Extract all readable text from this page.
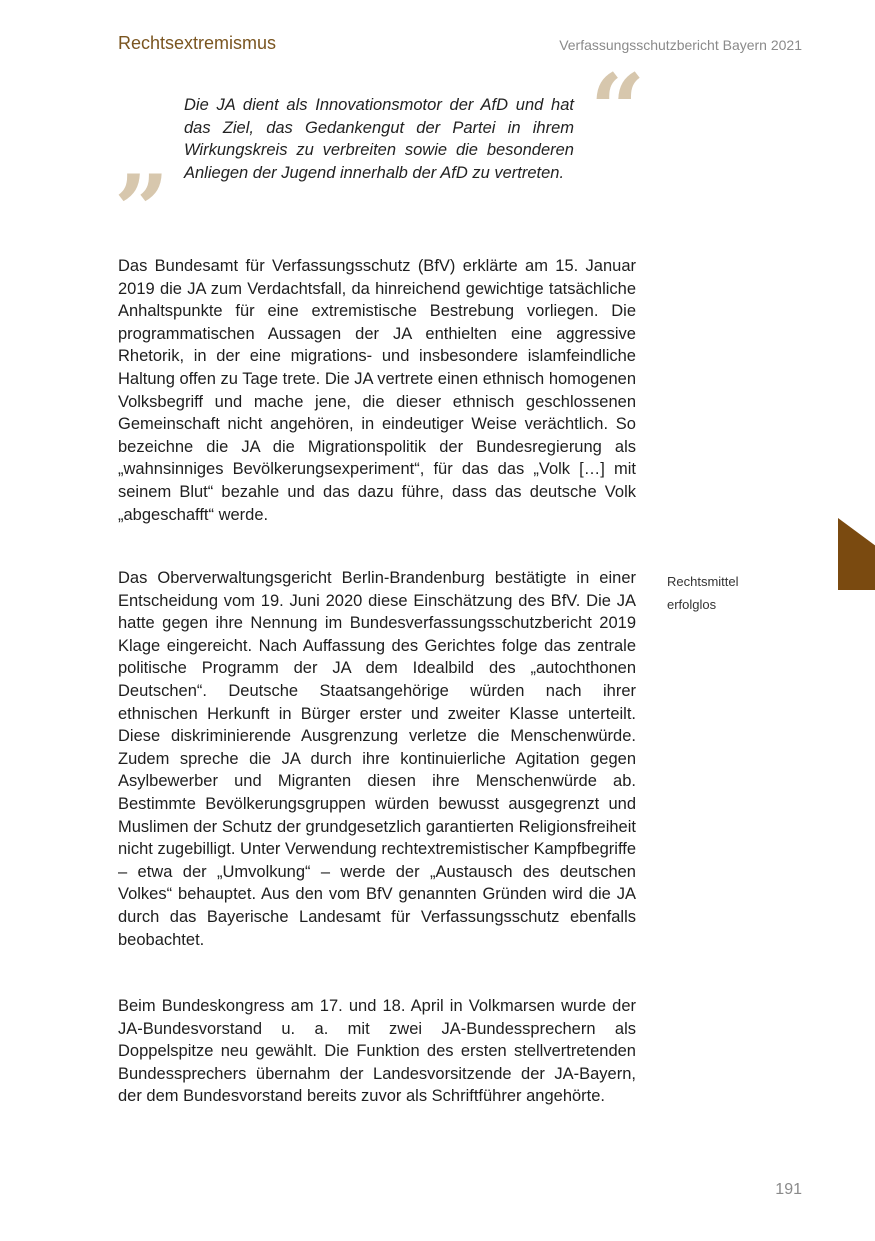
Rechtsextremismus	Verfassungsschutzbericht Bayern 2021
“
”
Die JA dient als Innovationsmotor der AfD und hat das Ziel, das Gedankengut der Partei in ihrem Wirkungskreis zu verbreiten sowie die besonderen Anliegen der Jugend innerhalb der AfD zu vertreten.

Das Bundesamt für Verfassungsschutz (BfV) erklärte am 15. Januar 2019 die JA zum Verdachtsfall, da hinreichend gewichtige tatsächliche Anhaltspunkte für eine extremistische Bestrebung vorliegen. Die programmatischen Aussagen der JA enthielten eine aggressive Rhetorik, in der eine migrations- und insbesondere islamfeindliche Haltung offen zu Tage trete. Die JA vertrete einen ethnisch homogenen Volksbegriff und mache jene, die dieser ethnisch geschlossenen Gemeinschaft nicht angehören, in eindeutiger Weise verächtlich. So bezeichne die JA die Migrationspolitik der Bundesregierung als „wahnsinniges Bevölkerungsexperiment“, für das das „Volk […] mit seinem Blut“ bezahle und das dazu führe, dass das deutsche Volk „abgeschafft“ werde.

Das Oberverwaltungsgericht Berlin-Brandenburg bestätigte in einer Entscheidung vom 19. Juni 2020 diese Einschätzung des BfV. Die JA hatte gegen ihre Nennung im Bundesverfassungsschutzbericht 2019 Klage eingereicht. Nach Auffassung des Gerichtes folge das zentrale politische Programm der JA dem Idealbild des „autochthonen Deutschen“. Deutsche Staatsangehörige würden nach ihrer ethnischen Herkunft in Bürger erster und zweiter Klasse unterteilt. Diese diskriminierende Ausgrenzung verletze die Menschenwürde. Zudem spreche die JA durch ihre kontinuierliche Agitation gegen Asylbewerber und Migranten diesen ihre Menschenwürde ab. Bestimmte Bevölkerungsgruppen würden bewusst ausgegrenzt und Muslimen der Schutz der grundgesetzlich garantierten Religionsfreiheit nicht zugebilligt. Unter Verwendung rechtextremistischer Kampfbegriffe – etwa der „Umvolkung“ – werde der „Austausch des deutschen Volkes“ behauptet. Aus den vom BfV genannten Gründen wird die JA durch das Bayerische Landesamt für Verfassungsschutz ebenfalls beobachtet.

Beim Bundeskongress am 17. und 18. April in Volkmarsen wurde der JA-Bundesvorstand u. a. mit zwei JA-Bundessprechern als Doppelspitze neu gewählt. Die Funktion des ersten stellvertretenden Bundessprechers übernahm der Landesvorsitzende der JA-Bayern, der dem Bundesvorstand bereits zuvor als Schriftführer angehörte.

Rechtsmittel
erfolglos
191
